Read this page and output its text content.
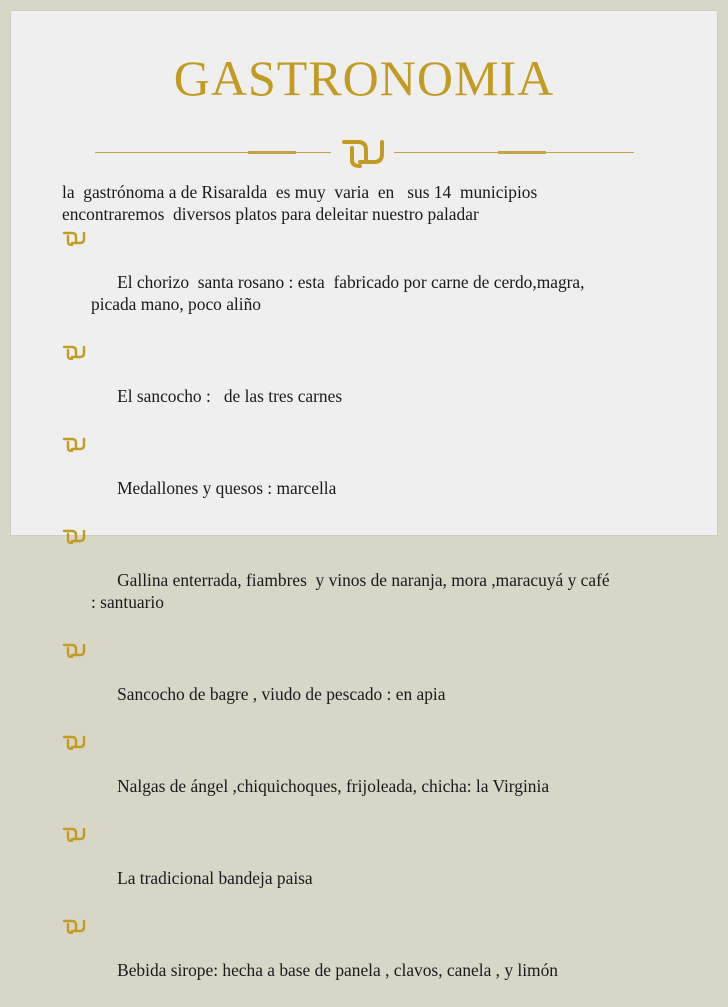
GASTRONOMIA

la  gastrónoma a de Risaralda  es muy  varia  en   sus 14  municipios
encontraremos  diversos platos para deleitar nuestro paladar

El chorizo  santa rosano : esta  fabricado por carne de cerdo,magra,
picada mano, poco aliño

El sancocho :   de las tres carnes

Medallones y quesos : marcella

Gallina enterrada, fiambres  y vinos de naranja, mora ,maracuyá y café
: santuario

Sancocho de bagre , viudo de pescado : en apia

Nalgas de ángel ,chiquichoques, frijoleada, chicha: la Virginia

La tradicional bandeja paisa

Bebida sirope: hecha a base de panela , clavos, canela , y limón
